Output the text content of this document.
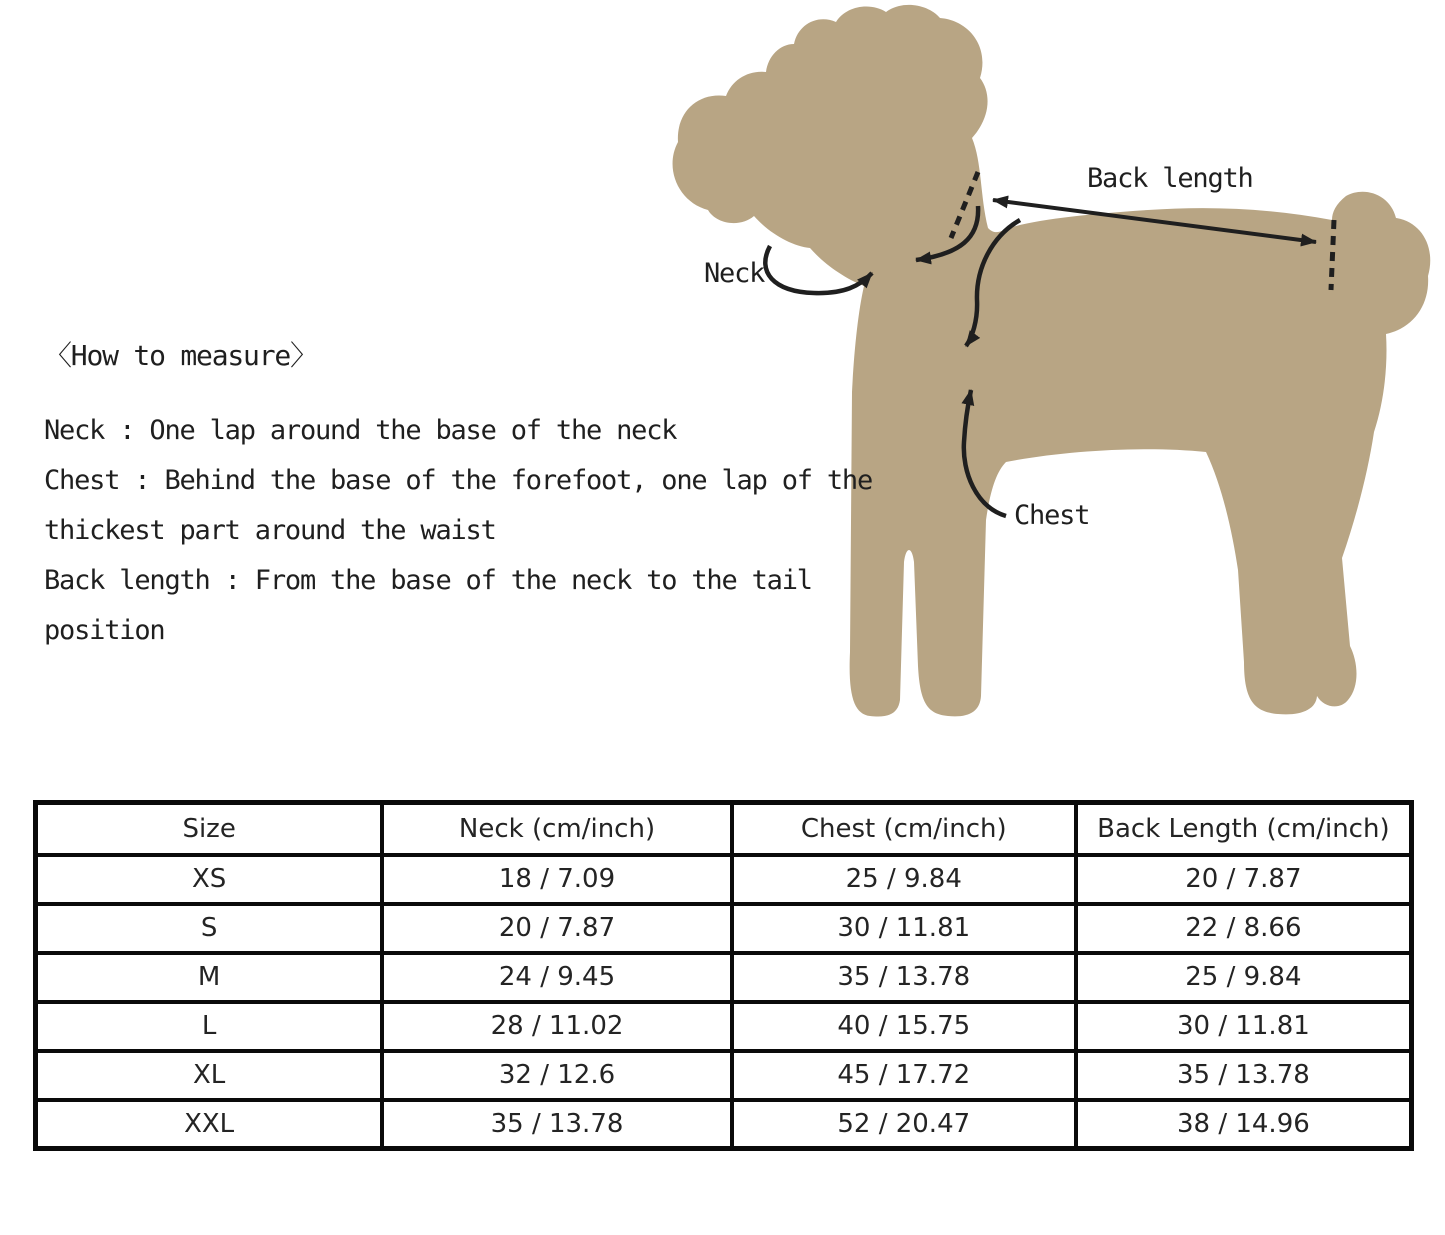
Neck
Back length
Chest
〈How to measure〉
Neck : One lap around the base of the neck
Chest : Behind the base of the forefoot, one lap of the
thickest part around the waist
Back length : From the base of the neck to the tail
position
Size	Neck (cm/inch)	Chest (cm/inch)	Back Length (cm/inch)
XS	18 / 7.09	25 / 9.84	20 / 7.87
S	20 / 7.87	30 / 11.81	22 / 8.66
M	24 / 9.45	35 / 13.78	25 / 9.84
L	28 / 11.02	40 / 15.75	30 / 11.81
XL	32 / 12.6	45 / 17.72	35 / 13.78
XXL	35 / 13.78	52 / 20.47	38 / 14.96
